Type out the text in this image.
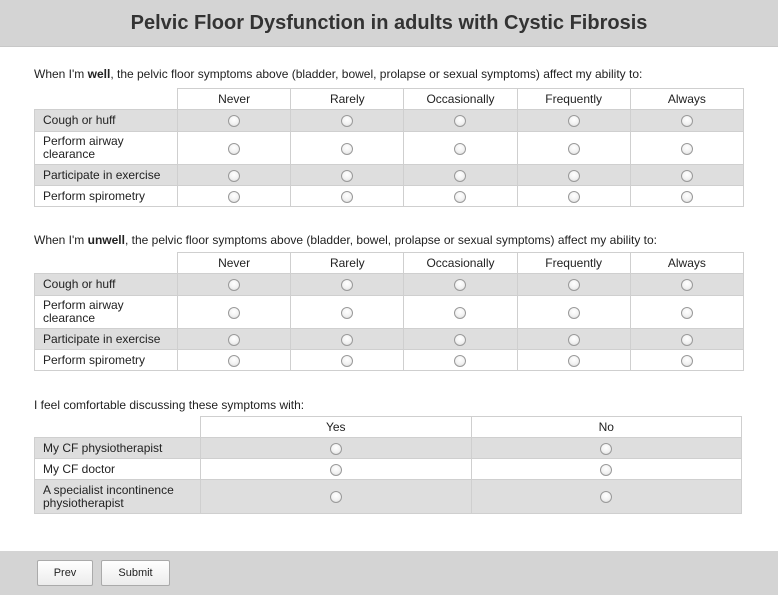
Pelvic Floor Dysfunction in adults with Cystic Fibrosis
When I'm well, the pelvic floor symptoms above (bladder, bowel, prolapse or sexual symptoms) affect my ability to:
	Never	Rarely	Occasionally	Frequently	Always
Cough or huff					
Perform airway clearance					
Participate in exercise					
Perform spirometry					
When I'm unwell, the pelvic floor symptoms above (bladder, bowel, prolapse or sexual symptoms) affect my ability to:
	Never	Rarely	Occasionally	Frequently	Always
Cough or huff					
Perform airway clearance					
Participate in exercise					
Perform spirometry					
I feel comfortable discussing these symptoms with:
	Yes	No
My CF physiotherapist		
My CF doctor		
A specialist incontinence physiotherapist		
Prev	Submit
